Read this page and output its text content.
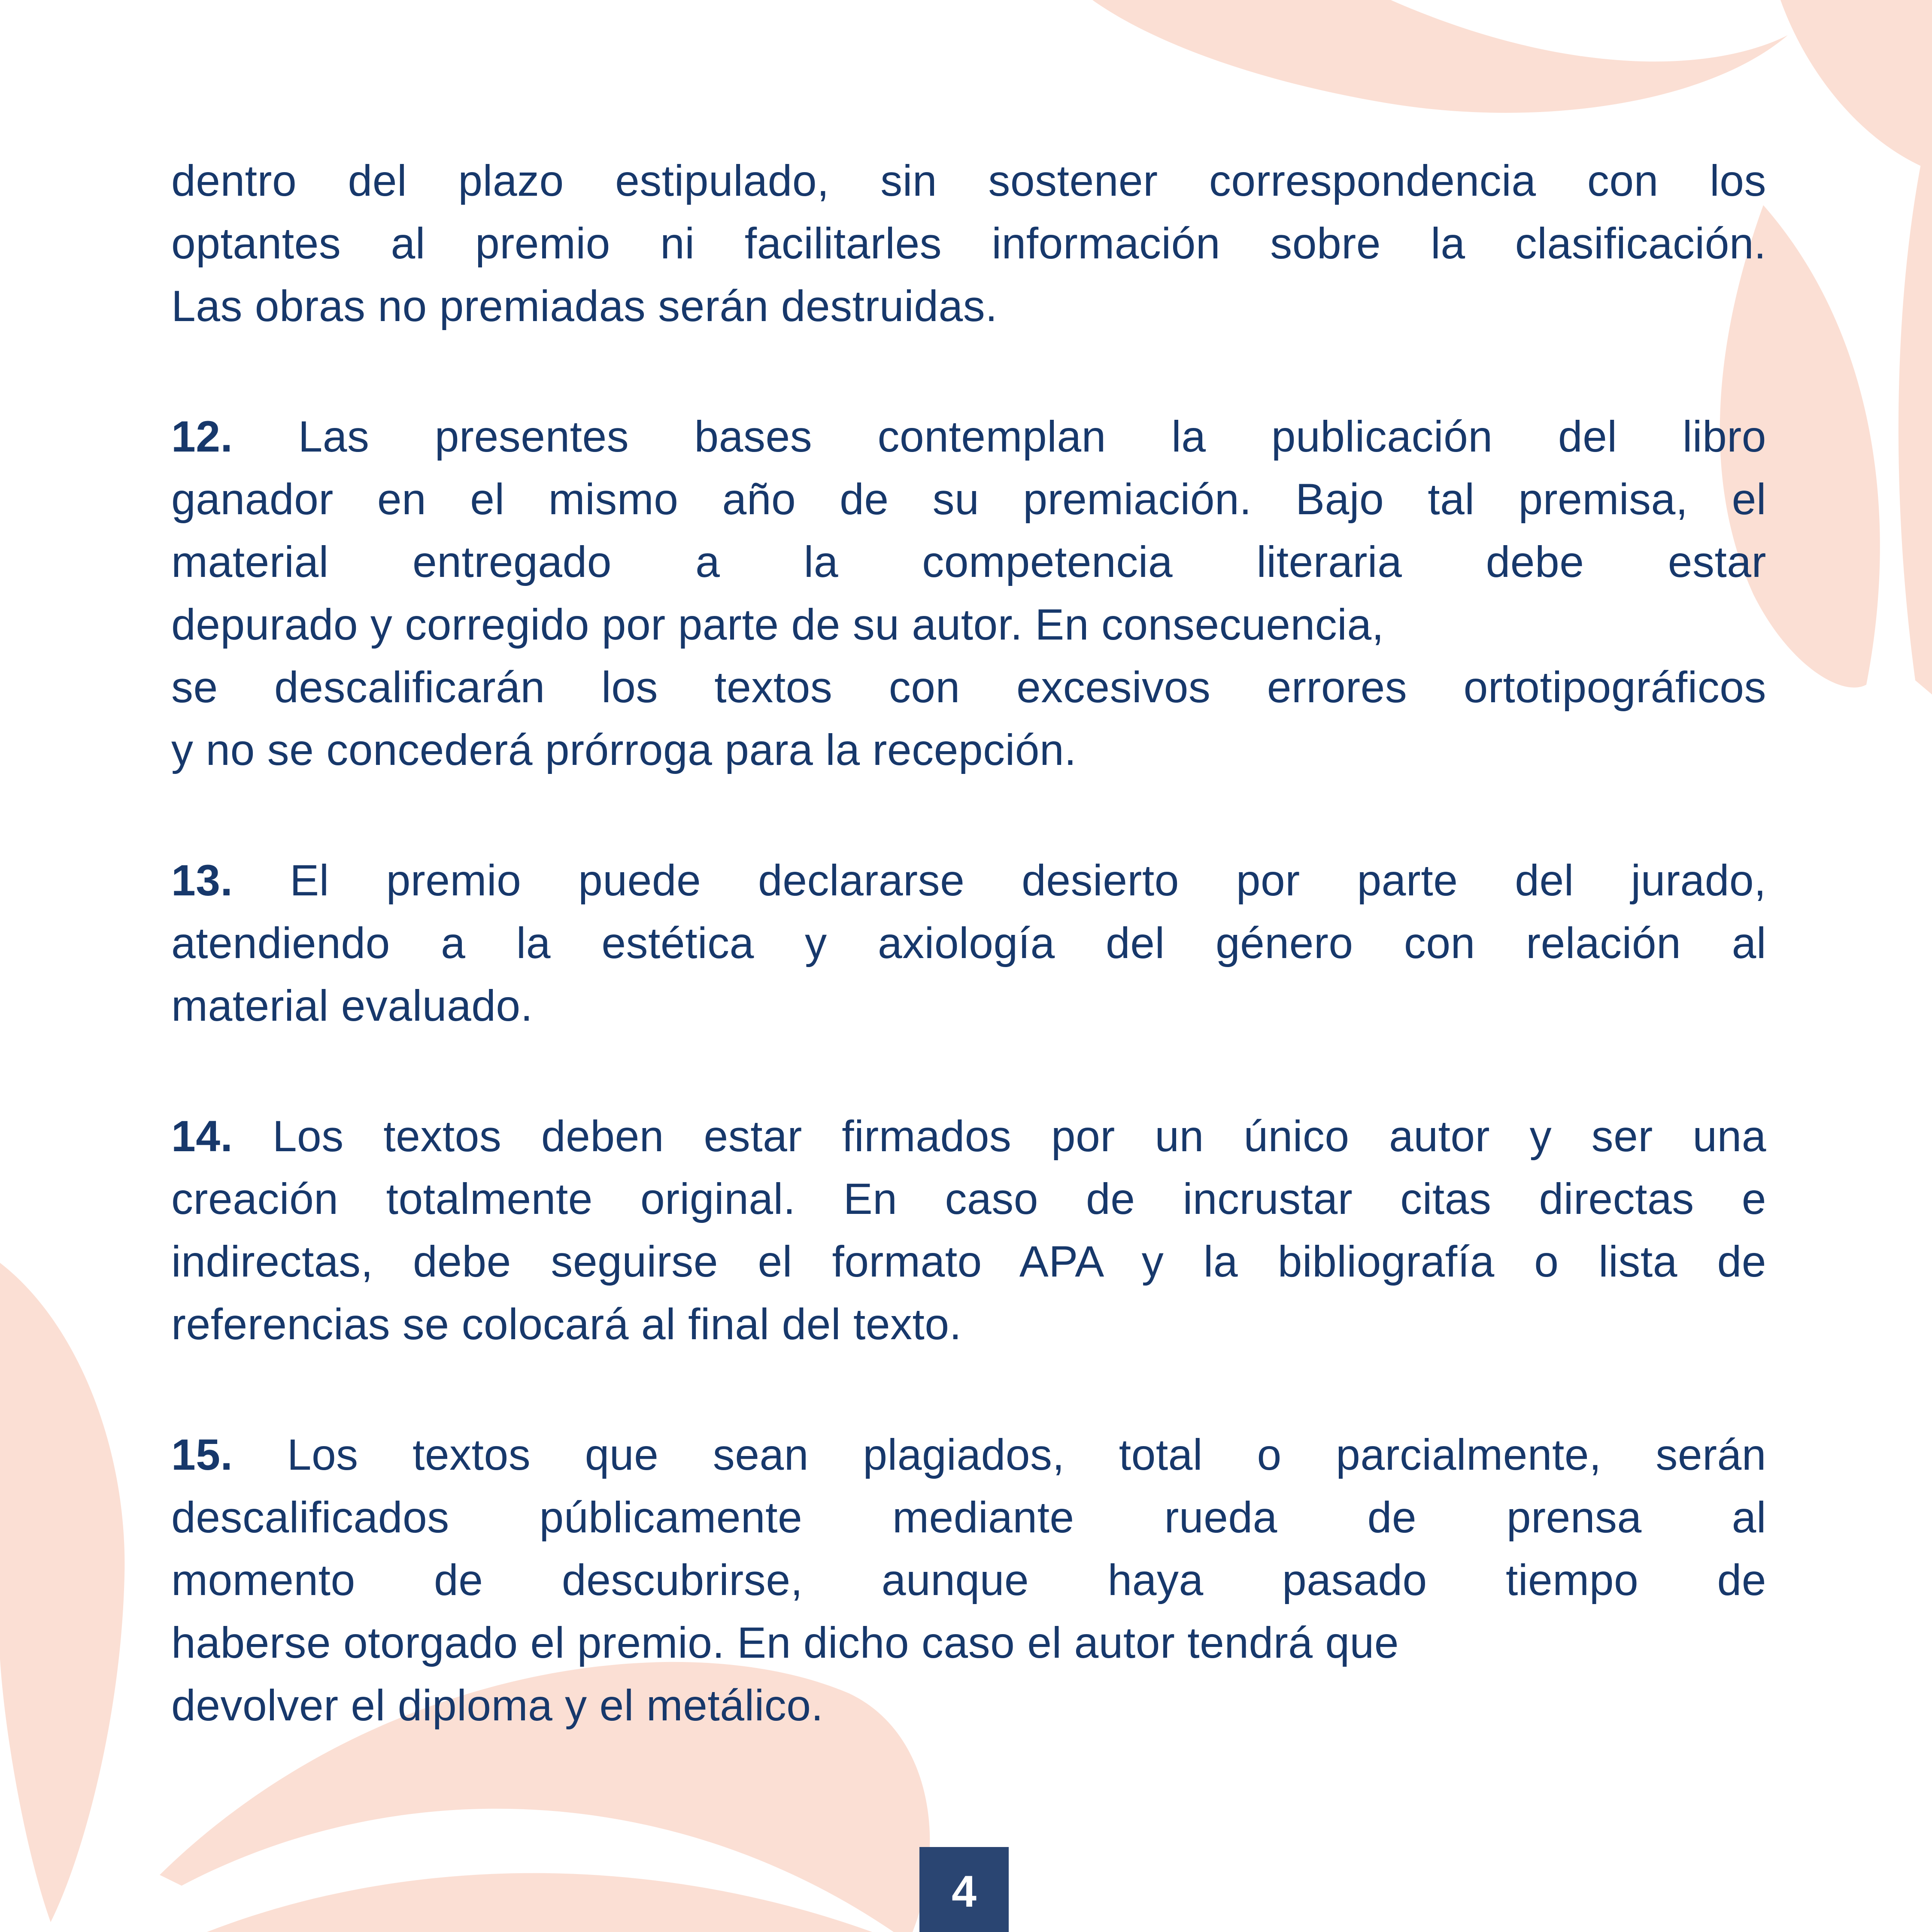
dentro del plazo estipulado, sin sostener correspondencia con los
optantes al premio ni facilitarles información sobre la clasificación.
Las obras no premiadas serán destruidas.

12. Las presentes bases contemplan la publicación del libro
ganador en el mismo año de su premiación. Bajo tal premisa, el
material entregado a la competencia literaria debe estar
depurado y corregido por parte de su autor. En consecuencia,
se descalificarán los textos con excesivos errores ortotipográficos
y no se concederá prórroga para la recepción.

13. El premio puede declararse desierto por parte del jurado,
atendiendo a la estética y axiología del género con relación al
material evaluado.

14. Los textos deben estar firmados por un único autor y ser una
creación totalmente original. En caso de incrustar citas directas e
indirectas, debe seguirse el formato APA y la bibliografía o lista de
referencias se colocará al final del texto.

15. Los textos que sean plagiados, total o parcialmente, serán
descalificados públicamente mediante rueda de prensa al
momento de descubrirse, aunque haya pasado tiempo de
haberse otorgado el premio. En dicho caso el autor tendrá que
devolver el diploma y el metálico.

4
